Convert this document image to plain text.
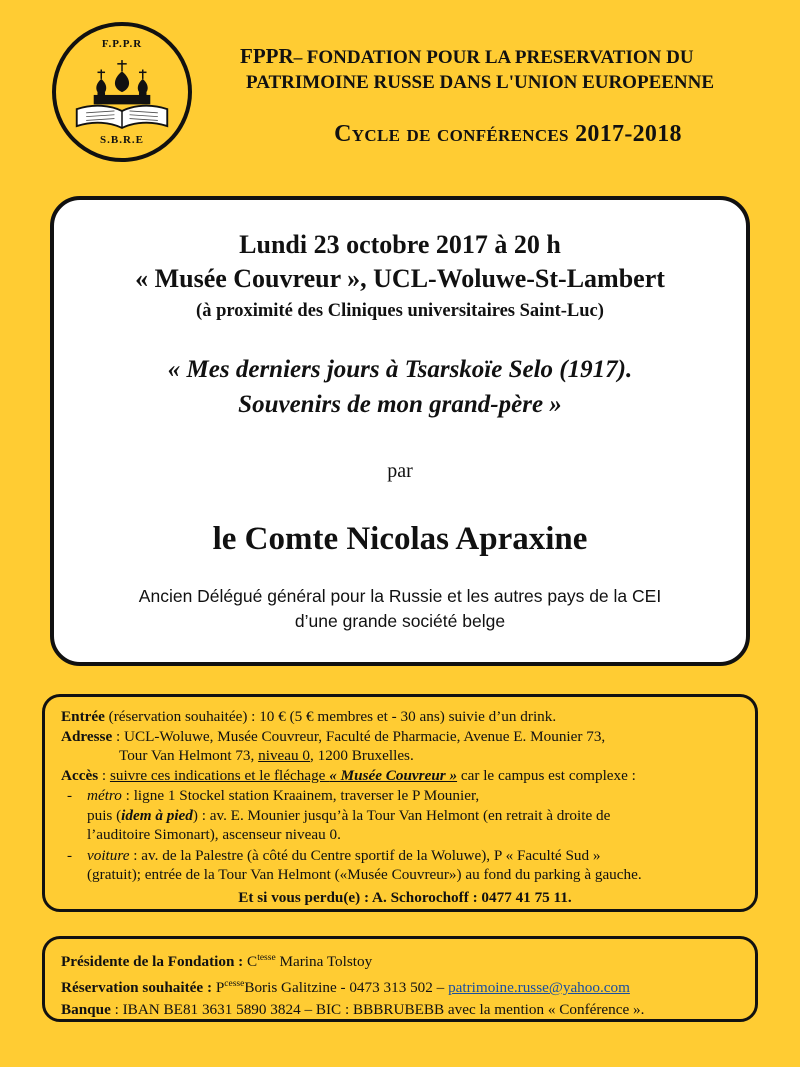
F.P.P.R
S.B.R.E
FPPR– FONDATION POUR LA PRESERVATION DU
PATRIMOINE RUSSE DANS L'UNION EUROPEENNE
Cycle de conférences 2017-2018
Lundi 23 octobre 2017 à 20 h
« Musée Couvreur », UCL-Woluwe-St-Lambert
(à proximité des Cliniques universitaires Saint-Luc)
« Mes derniers jours à Tsarskoïe Selo (1917).
Souvenirs de mon grand-père »
par
le Comte Nicolas Apraxine
Ancien Délégué général pour la Russie et les autres pays de la CEI
d’une grande société belge
Entrée (réservation souhaitée) : 10 € (5 € membres et - 30 ans) suivie d’un drink.
Adresse : UCL-Woluwe, Musée Couvreur, Faculté de Pharmacie, Avenue E. Mounier 73,
Tour Van Helmont 73, niveau 0, 1200 Bruxelles.
Accès : suivre ces indications et le fléchage « Musée Couvreur » car le campus est complexe :
- métro : ligne 1 Stockel station Kraainem, traverser le P Mounier,
puis (idem à pied) : av. E. Mounier jusqu’à la Tour Van Helmont (en retrait à droite de
l’auditoire Simonart), ascenseur niveau 0.
- voiture : av. de la Palestre (à côté du Centre sportif de la Woluwe), P « Faculté Sud »
(gratuit); entrée de la Tour Van Helmont («Musée Couvreur») au fond du parking à gauche.
Et si vous perdu(e) : A. Schorochoff : 0477 41 75 11.
Présidente de la Fondation : $C^{tesse}$ Marina Tolstoy
Réservation souhaitée : $P^{cesse}Boris$ Galitzine - 0473 313 502 – patrimoine.russe@yahoo.com
Banque : IBAN BE81 3631 5890 3824 – BIC : BBBRUBEBB avec la mention « Conférence ».
